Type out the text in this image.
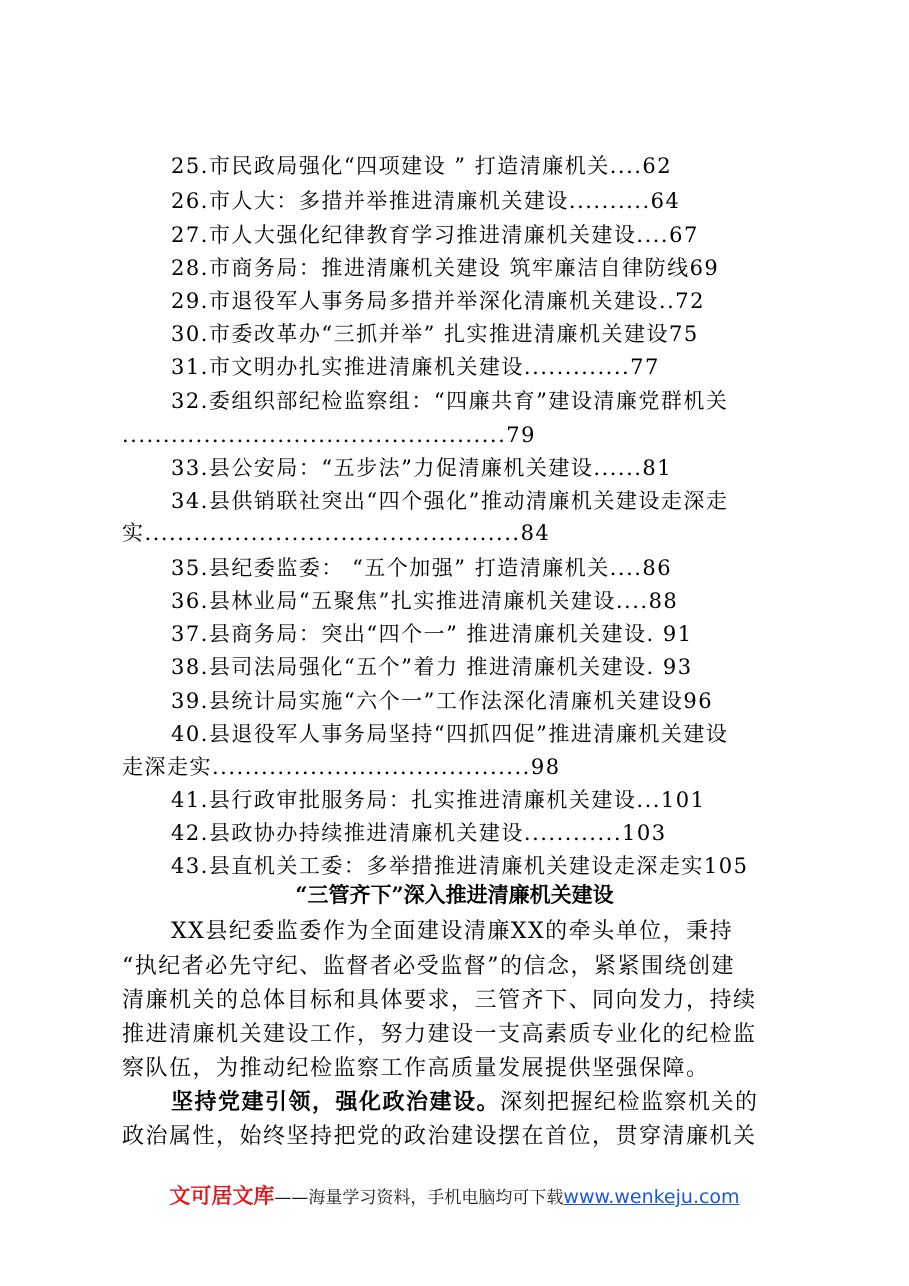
25.市民政局强化“四项建设 ” 打造清廉机关....62
26.市人大：多措并举推进清廉机关建设..........64
27.市人大强化纪律教育学习推进清廉机关建设....67
28.市商务局：推进清廉机关建设 筑牢廉洁自律防线69
29.市退役军人事务局多措并举深化清廉机关建设..72
30.市委改革办“三抓并举” 扎实推进清廉机关建设75
31.市文明办扎实推进清廉机关建设.............77
32.委组织部纪检监察组：“四廉共育”建设清廉党群机关
...............................................79
33.县公安局：“五步法”力促清廉机关建设......81
34.县供销联社突出“四个强化”推动清廉机关建设走深走
实..............................................84
35.县纪委监委： “五个加强” 打造清廉机关....86
36.县林业局“五聚焦”扎实推进清廉机关建设....88
37.县商务局：突出“四个一” 推进清廉机关建设. 91
38.县司法局强化“五个”着力 推进清廉机关建设. 93
39.县统计局实施“六个一”工作法深化清廉机关建设96
40.县退役军人事务局坚持“四抓四促”推进清廉机关建设
走深走实.......................................98
41.县行政审批服务局：扎实推进清廉机关建设...101
42.县政协办持续推进清廉机关建设............103
43.县直机关工委：多举措推进清廉机关建设走深走实105
“三管齐下”深入推进清廉机关建设
XX县纪委监委作为全面建设清廉XX的牵头单位，秉持
“执纪者必先守纪、监督者必受监督”的信念，紧紧围绕创建
清廉机关的总体目标和具体要求，三管齐下、同向发力，持续
推进清廉机关建设工作，努力建设一支高素质专业化的纪检监
察队伍，为推动纪检监察工作高质量发展提供坚强保障。
坚持党建引领，强化政治建设。深刻把握纪检监察机关的
政治属性，始终坚持把党的政治建设摆在首位，贯穿清廉机关
文可居文库——海量学习资料，手机电脑均可下载www.wenkeju.com
